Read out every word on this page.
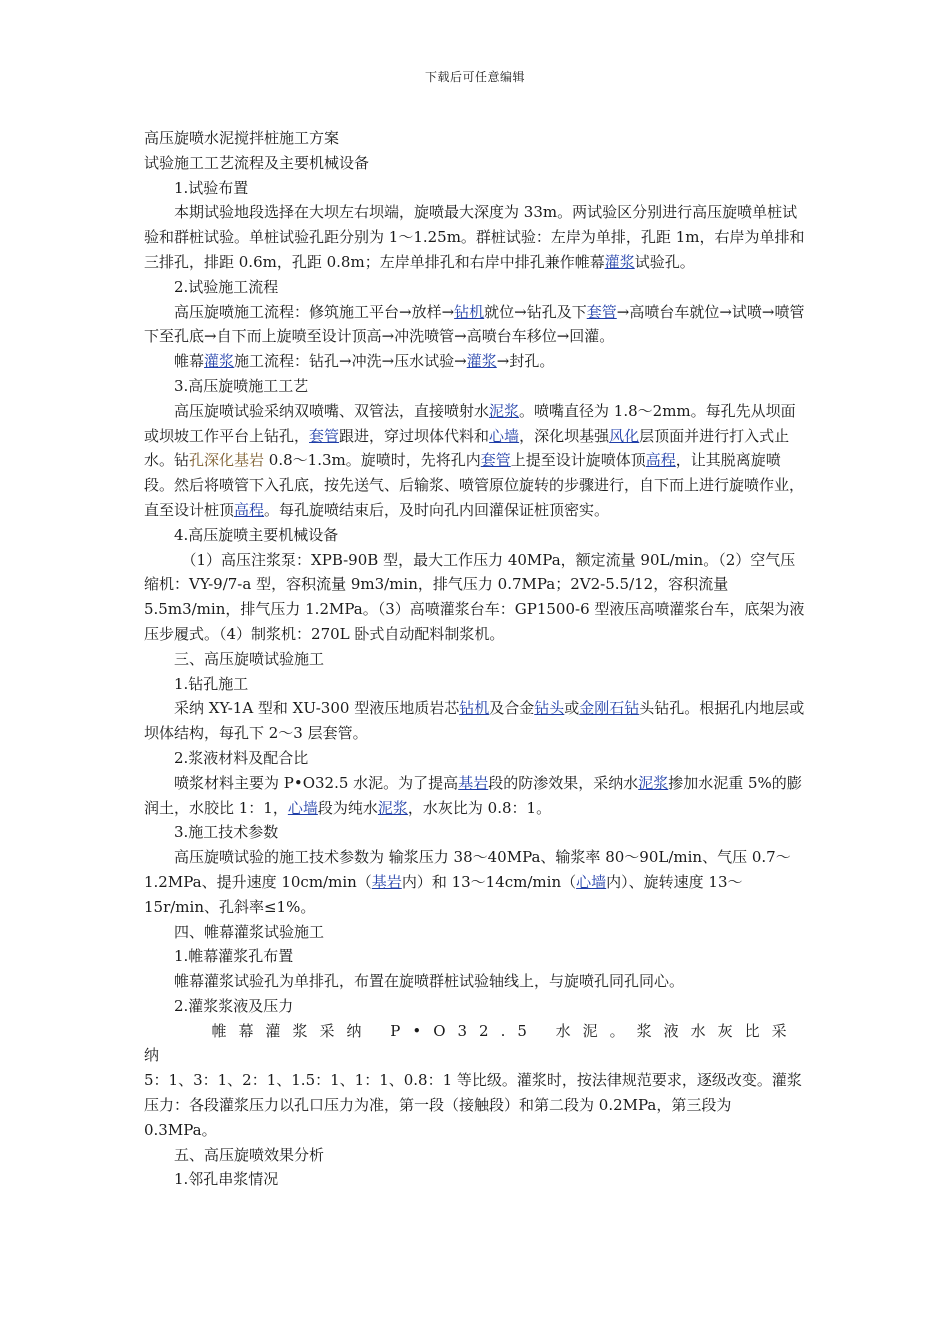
下载后可任意编辑

高压旋喷水泥搅拌桩施工方案

试验施工工艺流程及主要机械设备

1.试验布置

本期试验地段选择在大坝左右坝端，旋喷最大深度为 33m。两试验区分别进行高压旋喷单桩试验和群桩试验。单桩试验孔距分别为 1～1.25m。群桩试验：左岸为单排，孔距 1m，右岸为单排和三排孔，排距 0.6m，孔距 0.8m；左岸单排孔和右岸中排孔兼作帷幕灌浆试验孔。

2.试验施工流程

高压旋喷施工流程：修筑施工平台→放样→钻机就位→钻孔及下套管→高喷台车就位→试喷→喷管下至孔底→自下而上旋喷至设计顶高→冲洗喷管→高喷台车移位→回灌。

帷幕灌浆施工流程：钻孔→冲洗→压水试验→灌浆→封孔。

3.高压旋喷施工工艺

高压旋喷试验采纳双喷嘴、双管法，直接喷射水泥浆。喷嘴直径为 1.8～2mm。每孔先从坝面或坝坡工作平台上钻孔，套管跟进，穿过坝体代料和心墙，深化坝基强风化层顶面并进行打入式止水。钻孔深化基岩 0.8～1.3m。旋喷时，先将孔内套管上提至设计旋喷体顶高程，让其脱离旋喷段。然后将喷管下入孔底，按先送气、后输浆、喷管原位旋转的步骤进行，自下而上进行旋喷作业，直至设计桩顶高程。每孔旋喷结束后，及时向孔内回灌保证桩顶密实。

4.高压旋喷主要机械设备

（1）高压注浆泵：XPB-90B 型，最大工作压力 40MPa，额定流量 90L/min。（2）空气压缩机：VY-9/7-a 型，容积流量 9m3/min，排气压力 0.7MPa；2V2-5.5/12，容积流量 5.5m3/min，排气压力 1.2MPa。（3）高喷灌浆台车：GP1500-6 型液压高喷灌浆台车，底架为液压步履式。（4）制浆机：270L 卧式自动配料制浆机。

三、高压旋喷试验施工

1.钻孔施工

采纳 XY-1A 型和 XU-300 型液压地质岩芯钻机及合金钻头或金刚石钻头钻孔。根据孔内地层或坝体结构，每孔下 2～3 层套管。

2.浆液材料及配合比

喷浆材料主要为 P•O32.5 水泥。为了提高基岩段的防渗效果，采纳水泥浆掺加水泥重 5%的膨润土，水胶比 1：1，心墙段为纯水泥浆，水灰比为 0.8：1。

3.施工技术参数

高压旋喷试验的施工技术参数为 输浆压力 38～40MPa、输浆率 80～90L/min、气压 0.7～1.2MPa、提升速度 10cm/min（基岩内）和 13～14cm/min（心墙内）、旋转速度 13～15r/min、孔斜率≤1%。

四、帷幕灌浆试验施工

1.帷幕灌浆孔布置

帷幕灌浆试验孔为单排孔，布置在旋喷群桩试验轴线上，与旋喷孔同孔同心。

2.灌浆浆液及压力

帷幕灌浆采纳 P•O32.5 水泥。浆液水灰比采纳

5：1、3：1、2：1、1.5：1、1：1、0.8：1 等比级。灌浆时，按法律规范要求，逐级改变。灌浆压力：各段灌浆压力以孔口压力为准，第一段（接触段）和第二段为 0.2MPa，第三段为 0.3MPa。

五、高压旋喷效果分析

1.邻孔串浆情况
